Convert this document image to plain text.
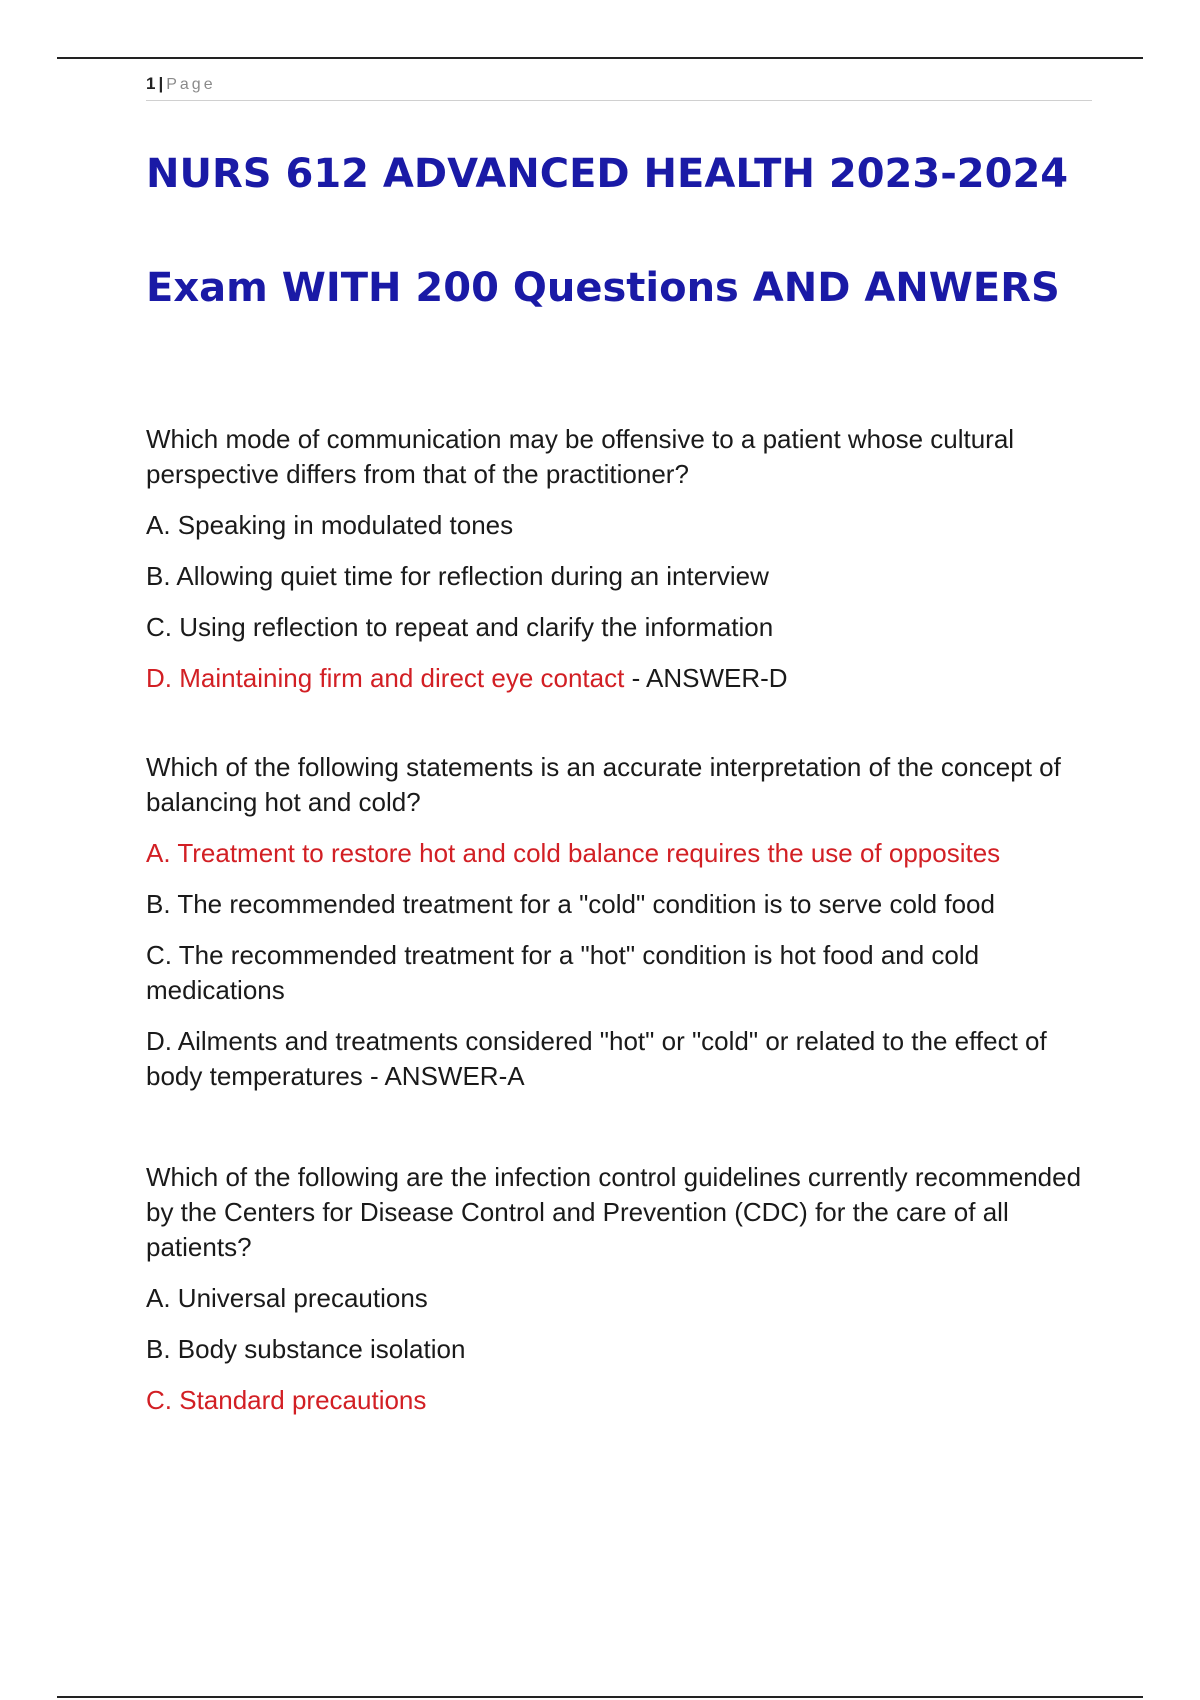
1 | Page
NURS 612 ADVANCED HEALTH 2023-2024
Exam WITH 200 Questions AND ANWERS

Which mode of communication may be offensive to a patient whose cultural perspective differs from that of the practitioner?

A. Speaking in modulated tones

B. Allowing quiet time for reflection during an interview

C. Using reflection to repeat and clarify the information

D. Maintaining firm and direct eye contact - ANSWER-D

Which of the following statements is an accurate interpretation of the concept of balancing hot and cold?

A. Treatment to restore hot and cold balance requires the use of opposites

B. The recommended treatment for a "cold" condition is to serve cold food

C. The recommended treatment for a "hot" condition is hot food and cold medications

D. Ailments and treatments considered "hot" or "cold" or related to the effect of body temperatures - ANSWER-A

Which of the following are the infection control guidelines currently recommended by the Centers for Disease Control and Prevention (CDC) for the care of all patients?

A. Universal precautions

B. Body substance isolation

C. Standard precautions
